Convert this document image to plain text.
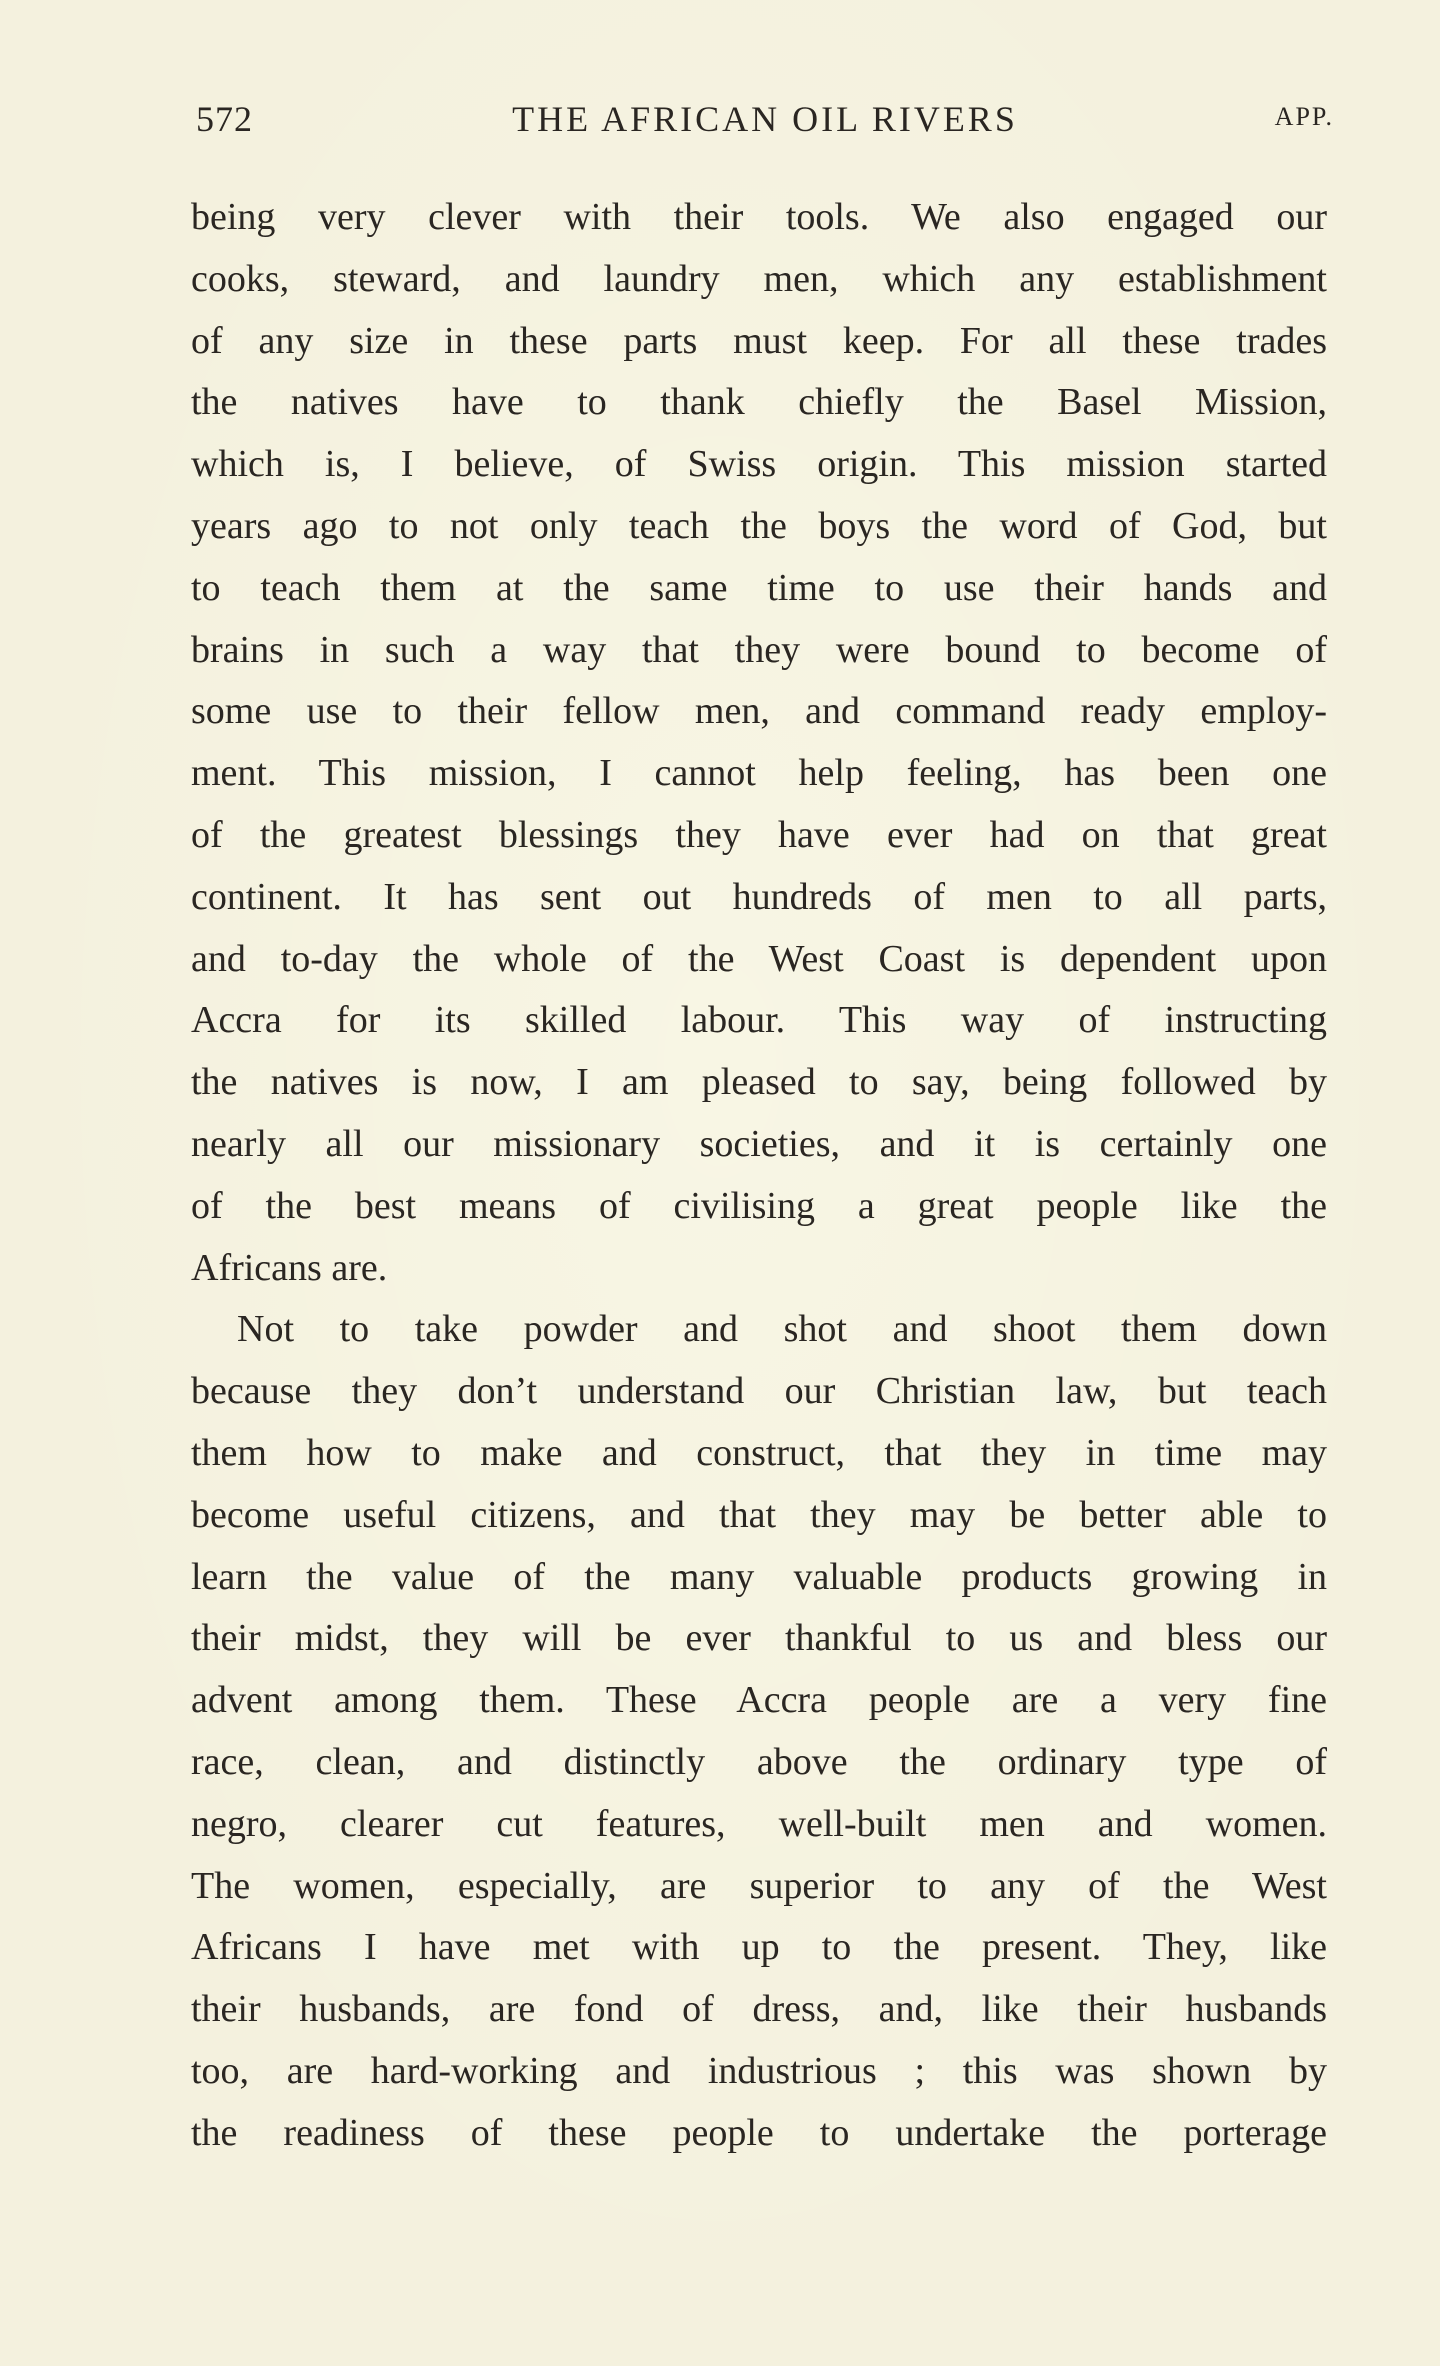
572	THE AFRICAN OIL RIVERS	APP.
being very clever with their tools. We also engaged our
cooks, steward, and laundry men, which any establishment
of any size in these parts must keep. For all these trades
the natives have to thank chiefly the Basel Mission,
which is, I believe, of Swiss origin. This mission started
years ago to not only teach the boys the word of God, but
to teach them at the same time to use their hands and
brains in such a way that they were bound to become of
some use to their fellow men, and command ready employ-
ment. This mission, I cannot help feeling, has been one
of the greatest blessings they have ever had on that great
continent. It has sent out hundreds of men to all parts,
and to-day the whole of the West Coast is dependent upon
Accra for its skilled labour. This way of instructing
the natives is now, I am pleased to say, being followed by
nearly all our missionary societies, and it is certainly one
of the best means of civilising a great people like the
Africans are.
Not to take powder and shot and shoot them down
because they don’t understand our Christian law, but teach
them how to make and construct, that they in time may
become useful citizens, and that they may be better able to
learn the value of the many valuable products growing in
their midst, they will be ever thankful to us and bless our
advent among them. These Accra people are a very fine
race, clean, and distinctly above the ordinary type of
negro, clearer cut features, well-built men and women.
The women, especially, are superior to any of the West
Africans I have met with up to the present. They, like
their husbands, are fond of dress, and, like their husbands
too, are hard-working and industrious ; this was shown by
the readiness of these people to undertake the porterage
